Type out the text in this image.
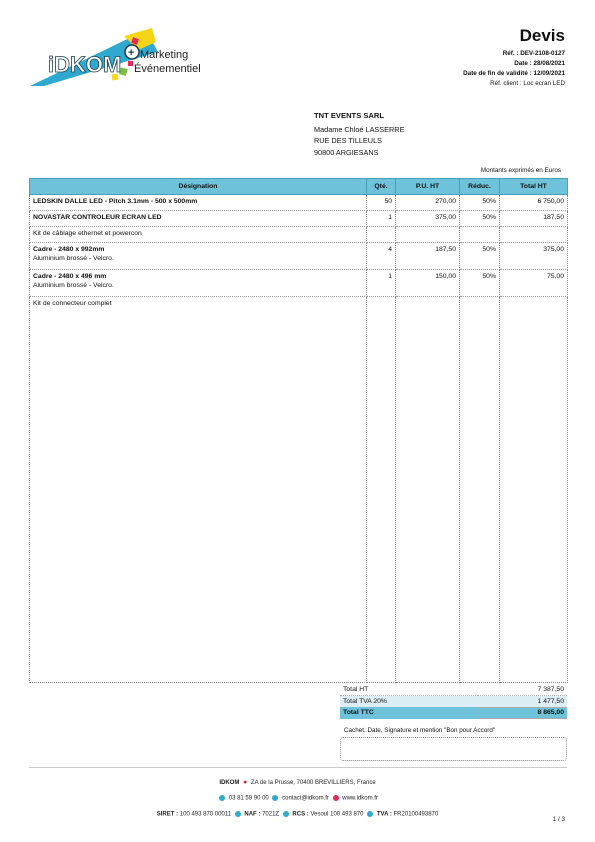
iDKOM + Marketing
Événementiel
Devis
Réf. : DEV-2108-0127
Date : 28/08/2021
Date de fin de validité : 12/09/2021
Réf. client : Loc ecran LED
TNT EVENTS SARL
Madame Chloé LASSERRE
RUE DES TILLEULS
90800 ARGIESANS
Montants exprimés en Euros
Désignation	Qté.	P.U. HT	Réduc.	Total HT

LEDSKIN DALLE LED - Pitch 3.1mm - 500 x 500mm	50	270,00	50%	6 750,00

NOVASTAR CONTROLEUR ECRAN LED	1	375,00	50%	187,50

Kit de câblage ethernet et powercon				

Cadre - 2480 x 992mm
Aluminium brossé - Velcro.	4	187,50	50%	375,00

Cadre - 2480 x 496 mm
Aluminium brossé - Velcro.	1	150,00	50%	75,00

Kit de connecteur complet				

Total HT	7 387,50
Total TVA 20%	1 477,50
Total TTC	8 865,00
Cachet, Date, Signature et mention "Bon pour Accord"
IDKOM ● ZA de la Prusse, 70400 BREVILLIERS, France
03 81 59 90 00 contact@idkom.fr www.idkom.fr
SIRET : 100 493 870 00011 NAF : 7021Z RCS : Vesoul 100 493 870 TVA : FR20100493870
1 / 3
